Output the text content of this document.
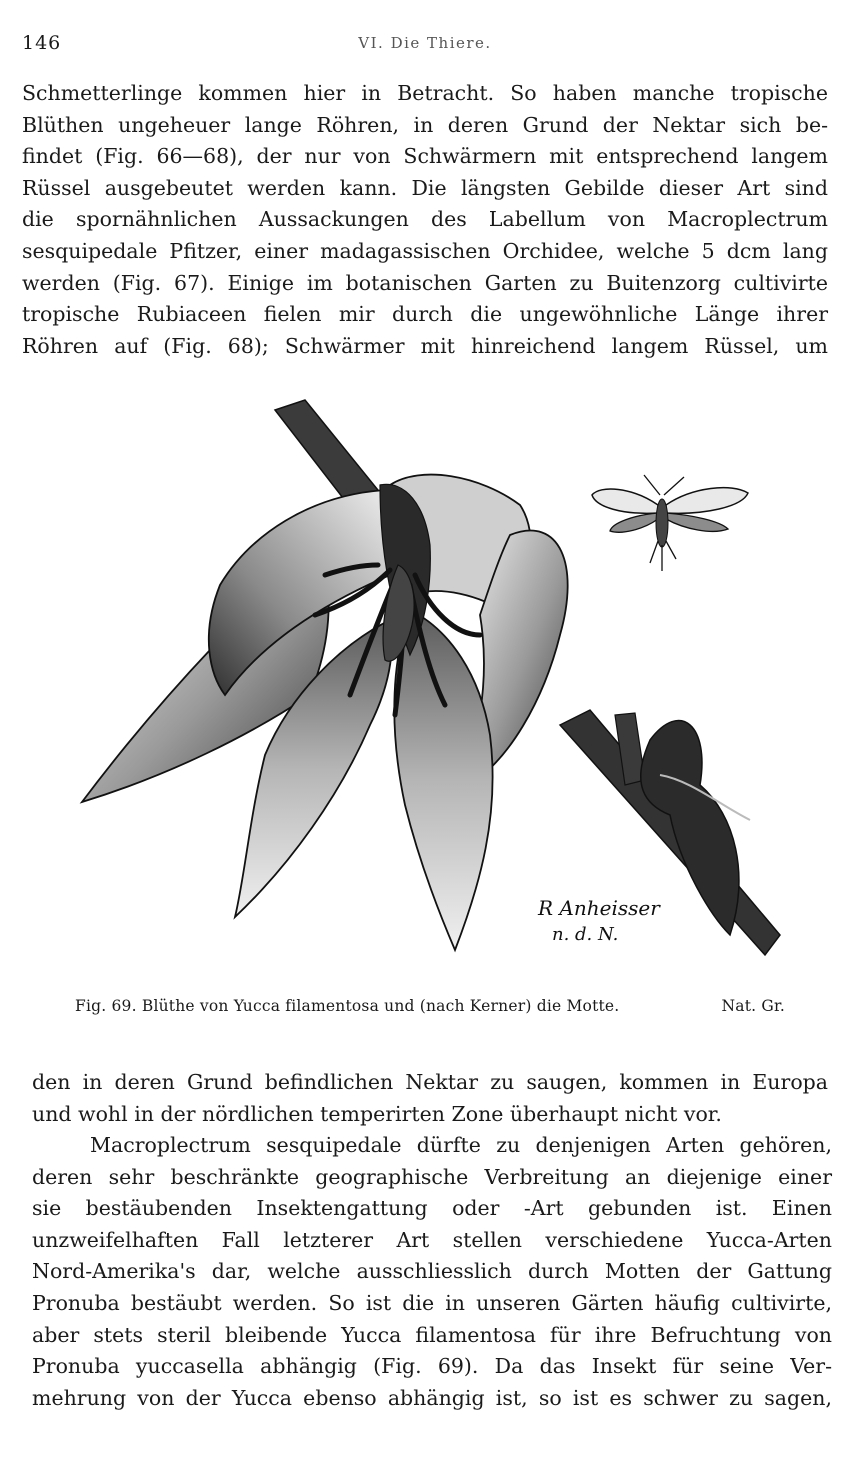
146	VI. Die Thiere.
Schmetterlinge kommen hier in Betracht. So haben manche tropische
Blüthen ungeheuer lange Röhren, in deren Grund der Nektar sich be-
findet (Fig. 66—68), der nur von Schwärmern mit entsprechend langem
Rüssel ausgebeutet werden kann. Die längsten Gebilde dieser Art sind
die spornähnlichen Aussackungen des Labellum von Macroplectrum
sesquipedale Pfitzer, einer madagassischen Orchidee, welche 5 dcm lang
werden (Fig. 67). Einige im botanischen Garten zu Buitenzorg cultivirte
tropische Rubiaceen fielen mir durch die ungewöhnliche Länge ihrer
Röhren auf (Fig. 68); Schwärmer mit hinreichend langem Rüssel, um
R Anheisser
n. d. N.
Fig. 69. Blüthe von Yucca filamentosa und (nach Kerner) die Motte.	Nat. Gr.
den in deren Grund befindlichen Nektar zu saugen, kommen in Europa
und wohl in der nördlichen temperirten Zone überhaupt nicht vor.
Macroplectrum sesquipedale dürfte zu denjenigen Arten gehören,
deren sehr beschränkte geographische Verbreitung an diejenige einer
sie bestäubenden Insektengattung oder -Art gebunden ist. Einen
unzweifelhaften Fall letzterer Art stellen verschiedene Yucca-Arten
Nord-Amerika's dar, welche ausschliesslich durch Motten der Gattung
Pronuba bestäubt werden. So ist die in unseren Gärten häufig cultivirte,
aber stets steril bleibende Yucca filamentosa für ihre Befruchtung von
Pronuba yuccasella abhängig (Fig. 69). Da das Insekt für seine Ver-
mehrung von der Yucca ebenso abhängig ist, so ist es schwer zu sagen,
